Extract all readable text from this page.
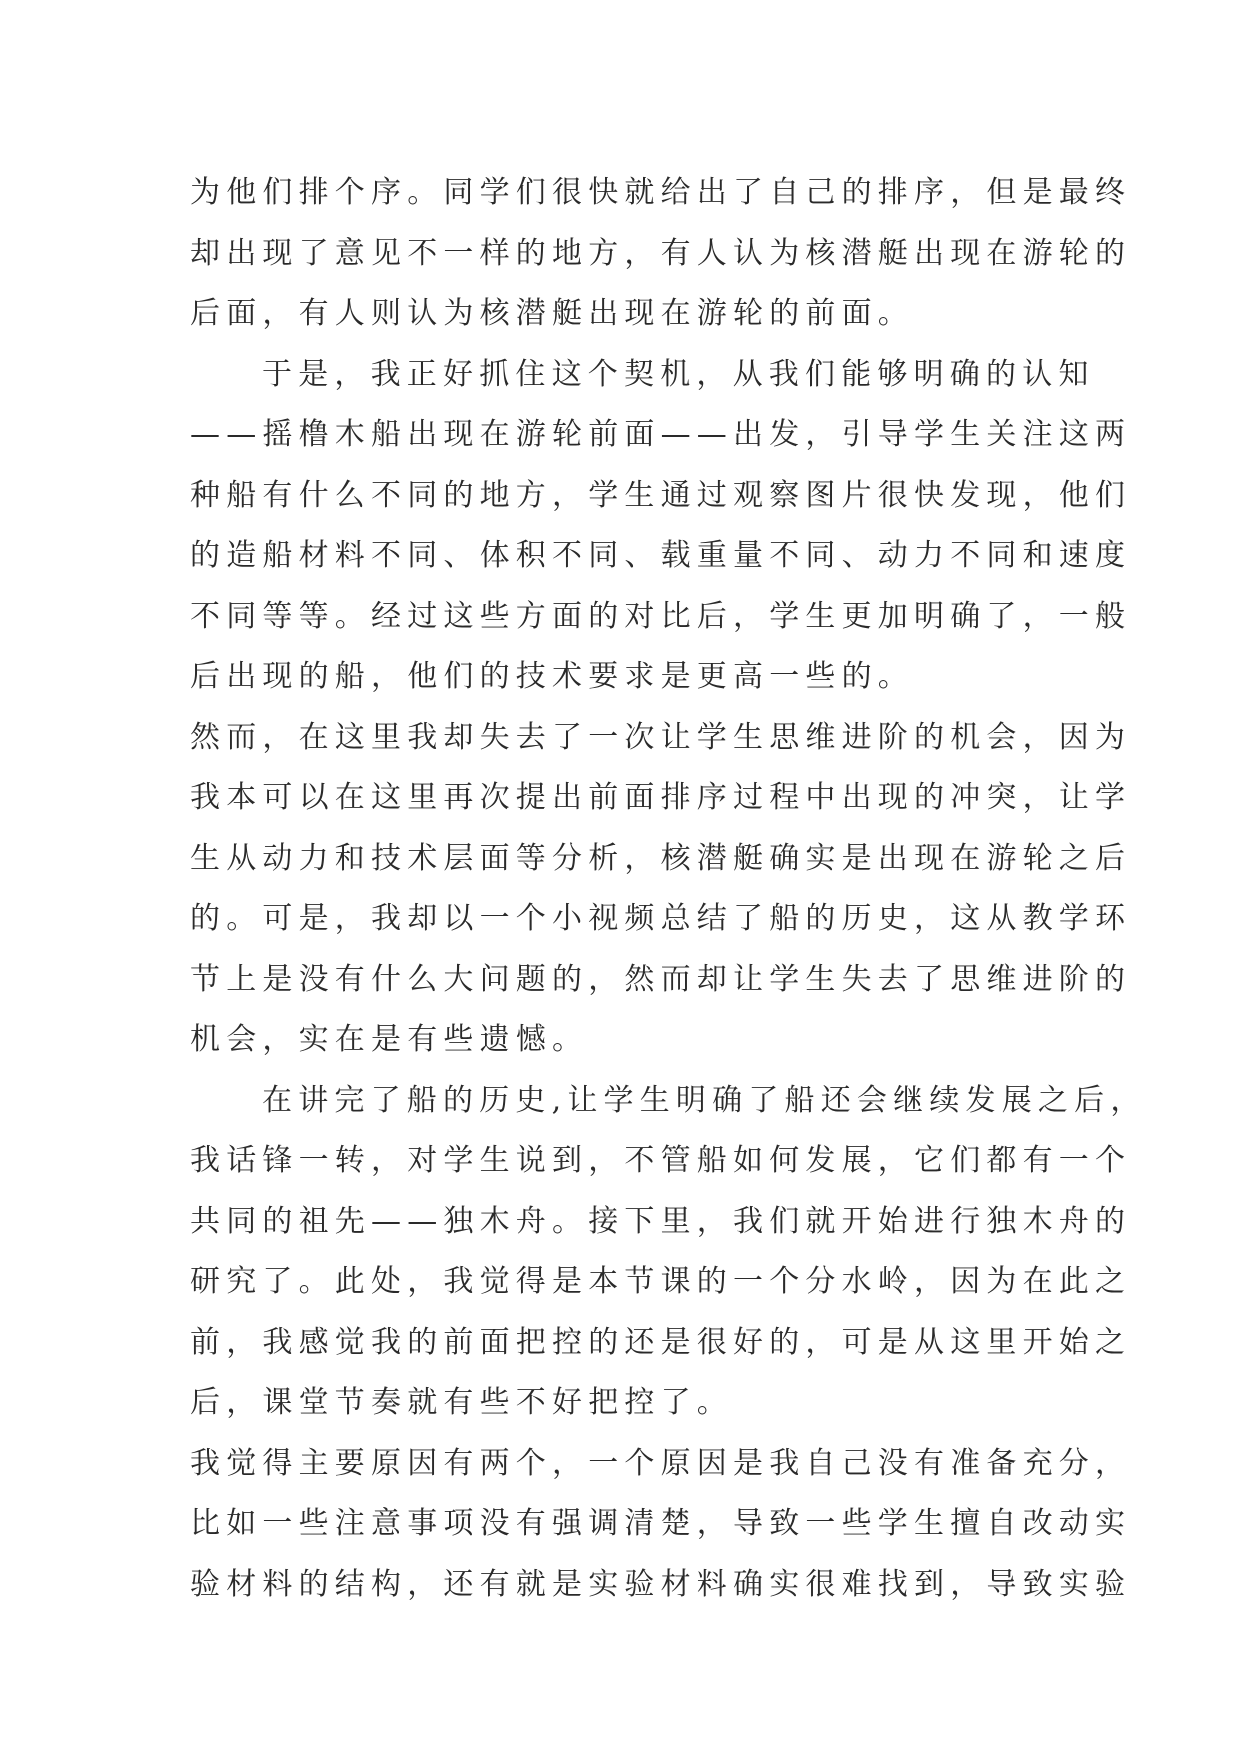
为他们排个序。同学们很快就给出了自己的排序，但是最终
却出现了意见不一样的地方，有人认为核潜艇出现在游轮的
后面，有人则认为核潜艇出现在游轮的前面。

于是，我正好抓住这个契机，从我们能够明确的认知
——摇橹木船出现在游轮前面——出发，引导学生关注这两
种船有什么不同的地方，学生通过观察图片很快发现，他们
的造船材料不同、体积不同、载重量不同、动力不同和速度
不同等等。经过这些方面的对比后，学生更加明确了，一般
后出现的船，他们的技术要求是更高一些的。

然而，在这里我却失去了一次让学生思维进阶的机会，因为
我本可以在这里再次提出前面排序过程中出现的冲突，让学
生从动力和技术层面等分析，核潜艇确实是出现在游轮之后
的。可是，我却以一个小视频总结了船的历史，这从教学环
节上是没有什么大问题的，然而却让学生失去了思维进阶的
机会，实在是有些遗憾。

在讲完了船的历史,让学生明确了船还会继续发展之后，
我话锋一转，对学生说到，不管船如何发展，它们都有一个
共同的祖先——独木舟。接下里，我们就开始进行独木舟的
研究了。此处，我觉得是本节课的一个分水岭，因为在此之
前，我感觉我的前面把控的还是很好的，可是从这里开始之
后，课堂节奏就有些不好把控了。

我觉得主要原因有两个，一个原因是我自己没有准备充分，
比如一些注意事项没有强调清楚，导致一些学生擅自改动实
验材料的结构，还有就是实验材料确实很难找到，导致实验
